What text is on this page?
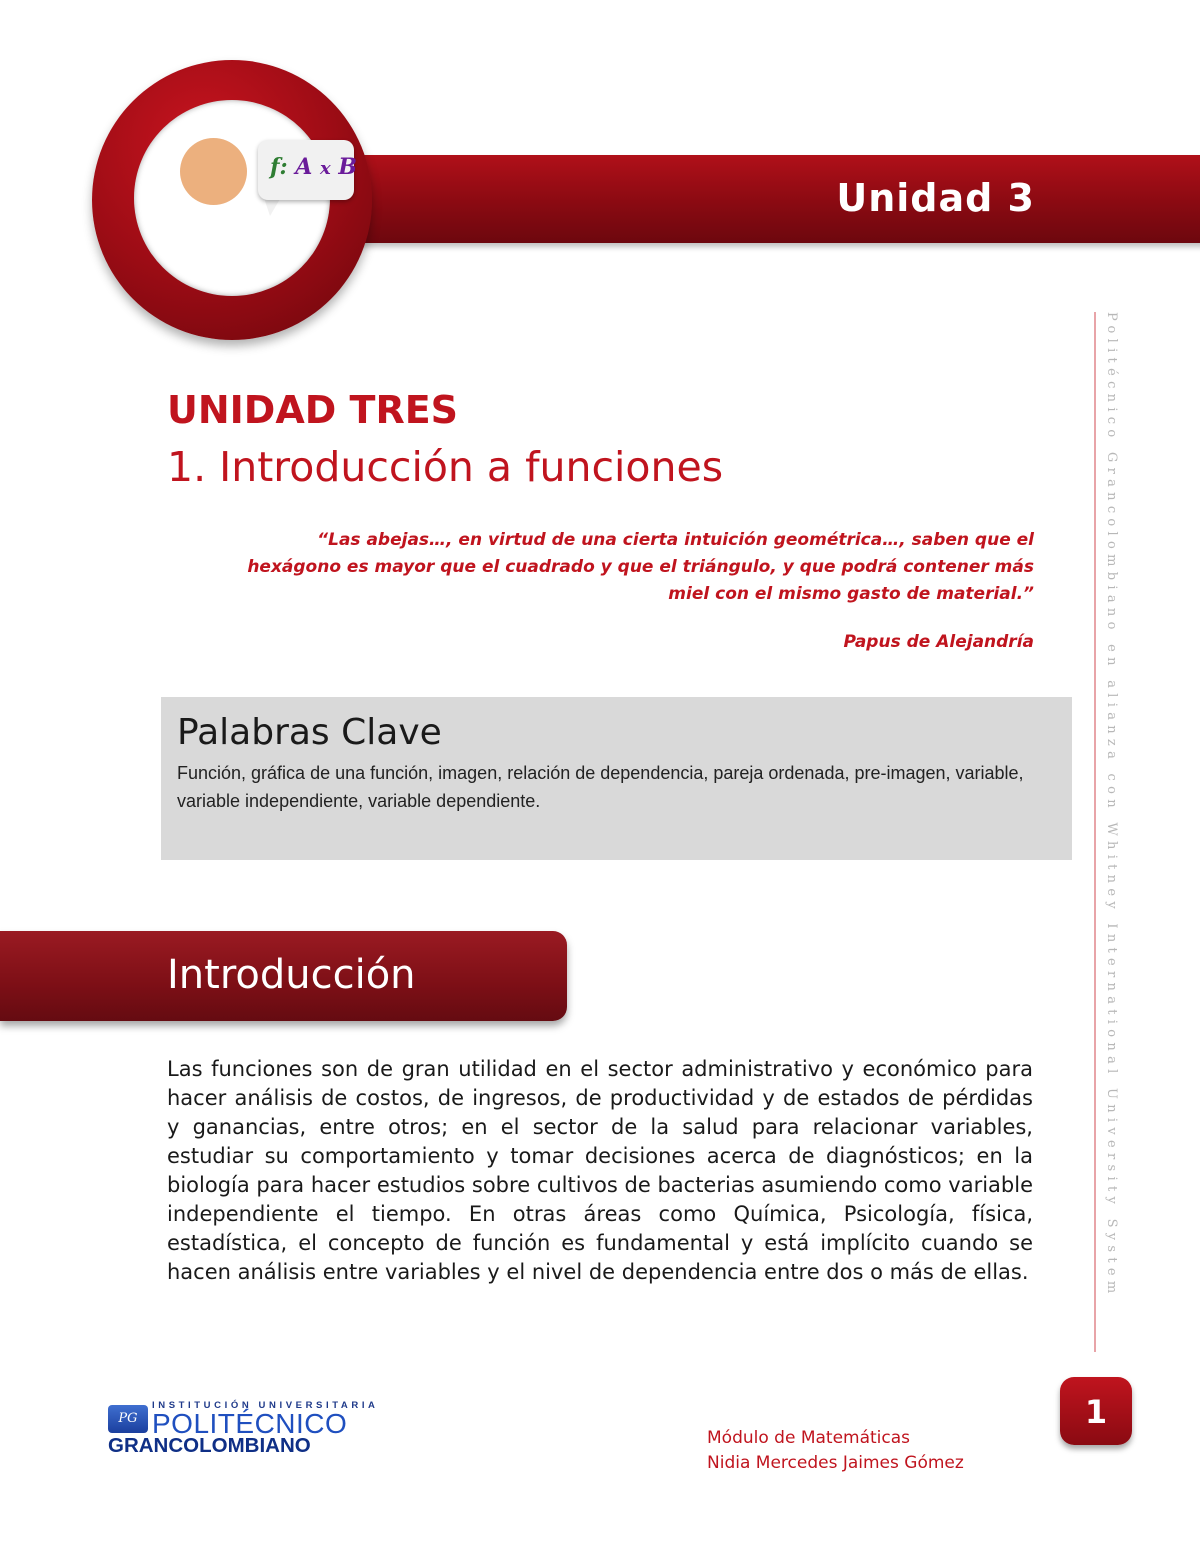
Unidad 3
f: A x B
Politécnico Grancolombiano en alianza con Whitney International University System
UNIDAD TRES
1. Introducción a funciones
“Las abejas…, en virtud de una cierta intuición geométrica…, saben que el hexágono es mayor que el cuadrado y que el triángulo, y que podrá contener más miel con el mismo gasto de material.”
Papus de Alejandría
Palabras Clave
Función, gráfica de una función, imagen, relación de dependencia, pareja ordenada, pre-imagen, variable, variable independiente, variable dependiente.
Introducción
Las funciones son de gran utilidad en el sector administrativo y económico para hacer análisis de costos, de ingresos, de productividad y de estados de pérdidas y ganancias, entre otros; en el sector de la salud para relacionar variables, estudiar su comportamiento y tomar decisiones acerca de diagnósticos; en la biología para hacer estudios sobre cultivos de bacterias asumiendo como variable independiente el tiempo. En otras áreas como Química, Psicología, física, estadística, el concepto de función es fundamental y está implícito cuando se hacen análisis entre variables y el nivel de dependencia entre dos o más de ellas.
PG
INSTITUCIÓN UNIVERSITARIA
POLITÉCNICO
GRANCOLOMBIANO	Módulo de Matemáticas
Nidia Mercedes Jaimes Gómez
1
